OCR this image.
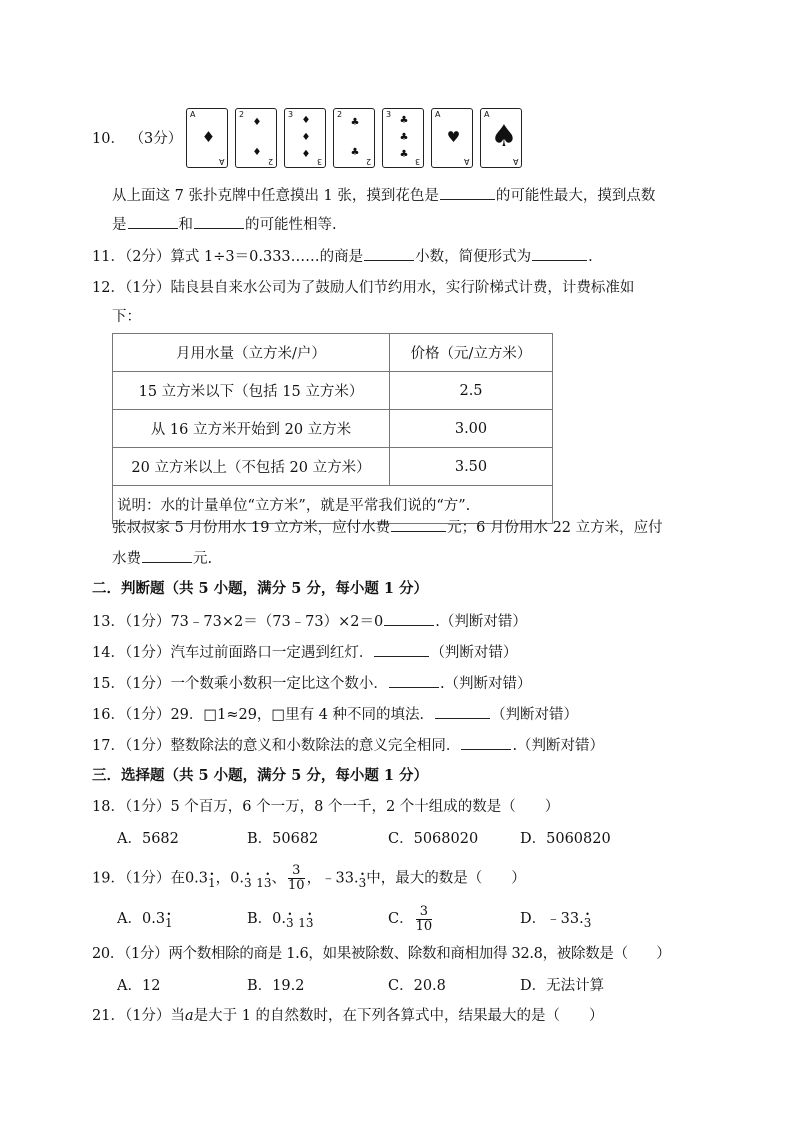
10． （3分）
A
A
♦
2
2
♦
♦
3
3
♦
♦
♦
2
2
♣
♣
3
3
♣
♣
♣
A
A
♥
A
A
♠
从上面这 7 张扑克牌中任意摸出 1 张，摸到花色是	的可能性最大，摸到点数
是	和	的可能性相等.
11．（2分）算式 1÷3＝0.333……的商是	小数，简便形式为	.
12．（1分）陆良县自来水公司为了鼓励人们节约用水，实行阶梯式计费，计费标准如
下：
月用水量（立方米/户）	价格（元/立方米）
15 立方米以下（包括 15 立方米）	2.5
从 16 立方米开始到 20 立方米	3.00
20 立方米以上（不包括 20 立方米）	3.50
说明：水的计量单位“立方米”，就是平常我们说的“方”.	
张叔叔家 5 月份用水 19 立方米，应付水费	元；6 月份用水 22 立方米，应付
水费	元.
二．判断题（共 5 小题，满分 5 分，每小题 1 分）
13．（1分）73﹣73×2＝（73﹣73）×2＝0	.（判断对错）
14．（1分）汽车过前面路口一定遇到红灯．	（判断对错）
15．（1分）一个数乘小数积一定比这个数小．	.（判断对错）
16．（1分）29．□1≈29，□里有 4 种不同的填法．	（判断对错）
17．（1分）整数除法的意义和小数除法的意义完全相同．	.（判断对错）
三．选择题（共 5 小题，满分 5 分，每小题 1 分）
18．（1分）5 个百万，6 个一万，8 个一千，2 个十组成的数是（　　）
A．5682	B．50682	C．5068020	D．5060820
19．（1分）在0.31 •，0.3 • $_1$3 •、 $\frac{3}{10}$ ，﹣33.3 •中，最大的数是（　　）
A．0.31 •	B．0.3 • $_1$3 •	C． $\frac{3}{10}$	D．﹣33.3 •
20．（1分）两个数相除的商是 1.6，如果被除数、除数和商相加得 32.8，被除数是（　　）
A．12	B．19.2	C．20.8	D．无法计算
21．（1分）当a是大于 1 的自然数时，在下列各算式中，结果最大的是（　　）
